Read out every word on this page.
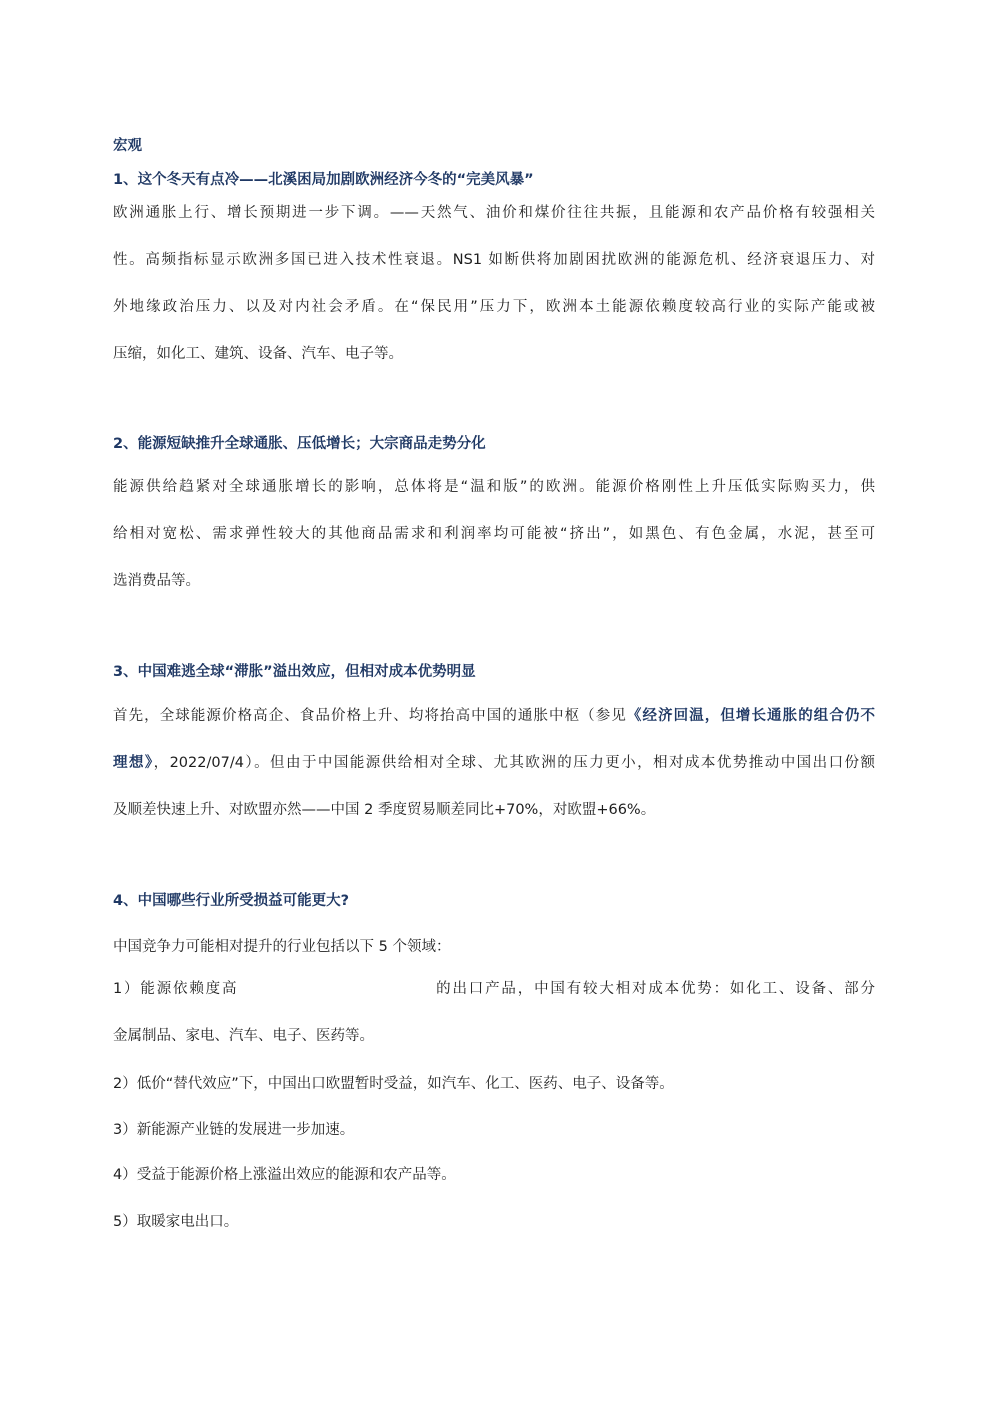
宏观
1、这个冬天有点冷——北溪困局加剧欧洲经济今冬的“完美风暴”
欧洲通胀上行、增长预期进一步下调。——天然气、油价和煤价往往共振，且能源和农产品价格有较强相关
性。高频指标显示欧洲多国已进入技术性衰退。NS1 如断供将加剧困扰欧洲的能源危机、经济衰退压力、对
外地缘政治压力、以及对内社会矛盾。在“保民用”压力下，欧洲本土能源依赖度较高行业的实际产能或被
压缩，如化工、建筑、设备、汽车、电子等。
2、能源短缺推升全球通胀、压低增长；大宗商品走势分化
能源供给趋紧对全球通胀增长的影响，总体将是“温和版”的欧洲。能源价格刚性上升压低实际购买力，供
给相对宽松、需求弹性较大的其他商品需求和利润率均可能被“挤出”，如黑色、有色金属，水泥，甚至可
选消费品等。
3、中国难逃全球“滞胀”溢出效应，但相对成本优势明显
首先，全球能源价格高企、食品价格上升、均将抬高中国的通胀中枢（参见《经济回温，但增长通胀的组合仍不
理想》，2022/07/4）。但由于中国能源供给相对全球、尤其欧洲的压力更小，相对成本优势推动中国出口份额
及顺差快速上升、对欧盟亦然——中国 2 季度贸易顺差同比+70%，对欧盟+66%。
4、中国哪些行业所受损益可能更大?
中国竞争力可能相对提升的行业包括以下 5 个领域：
1）能源依赖度高	的出口产品，中国有较大相对成本优势：如化工、设备、部分
金属制品、家电、汽车、电子、医药等。
2）低价“替代效应”下，中国出口欧盟暂时受益，如汽车、化工、医药、电子、设备等。
3）新能源产业链的发展进一步加速。
4）受益于能源价格上涨溢出效应的能源和农产品等。
5）取暖家电出口。
